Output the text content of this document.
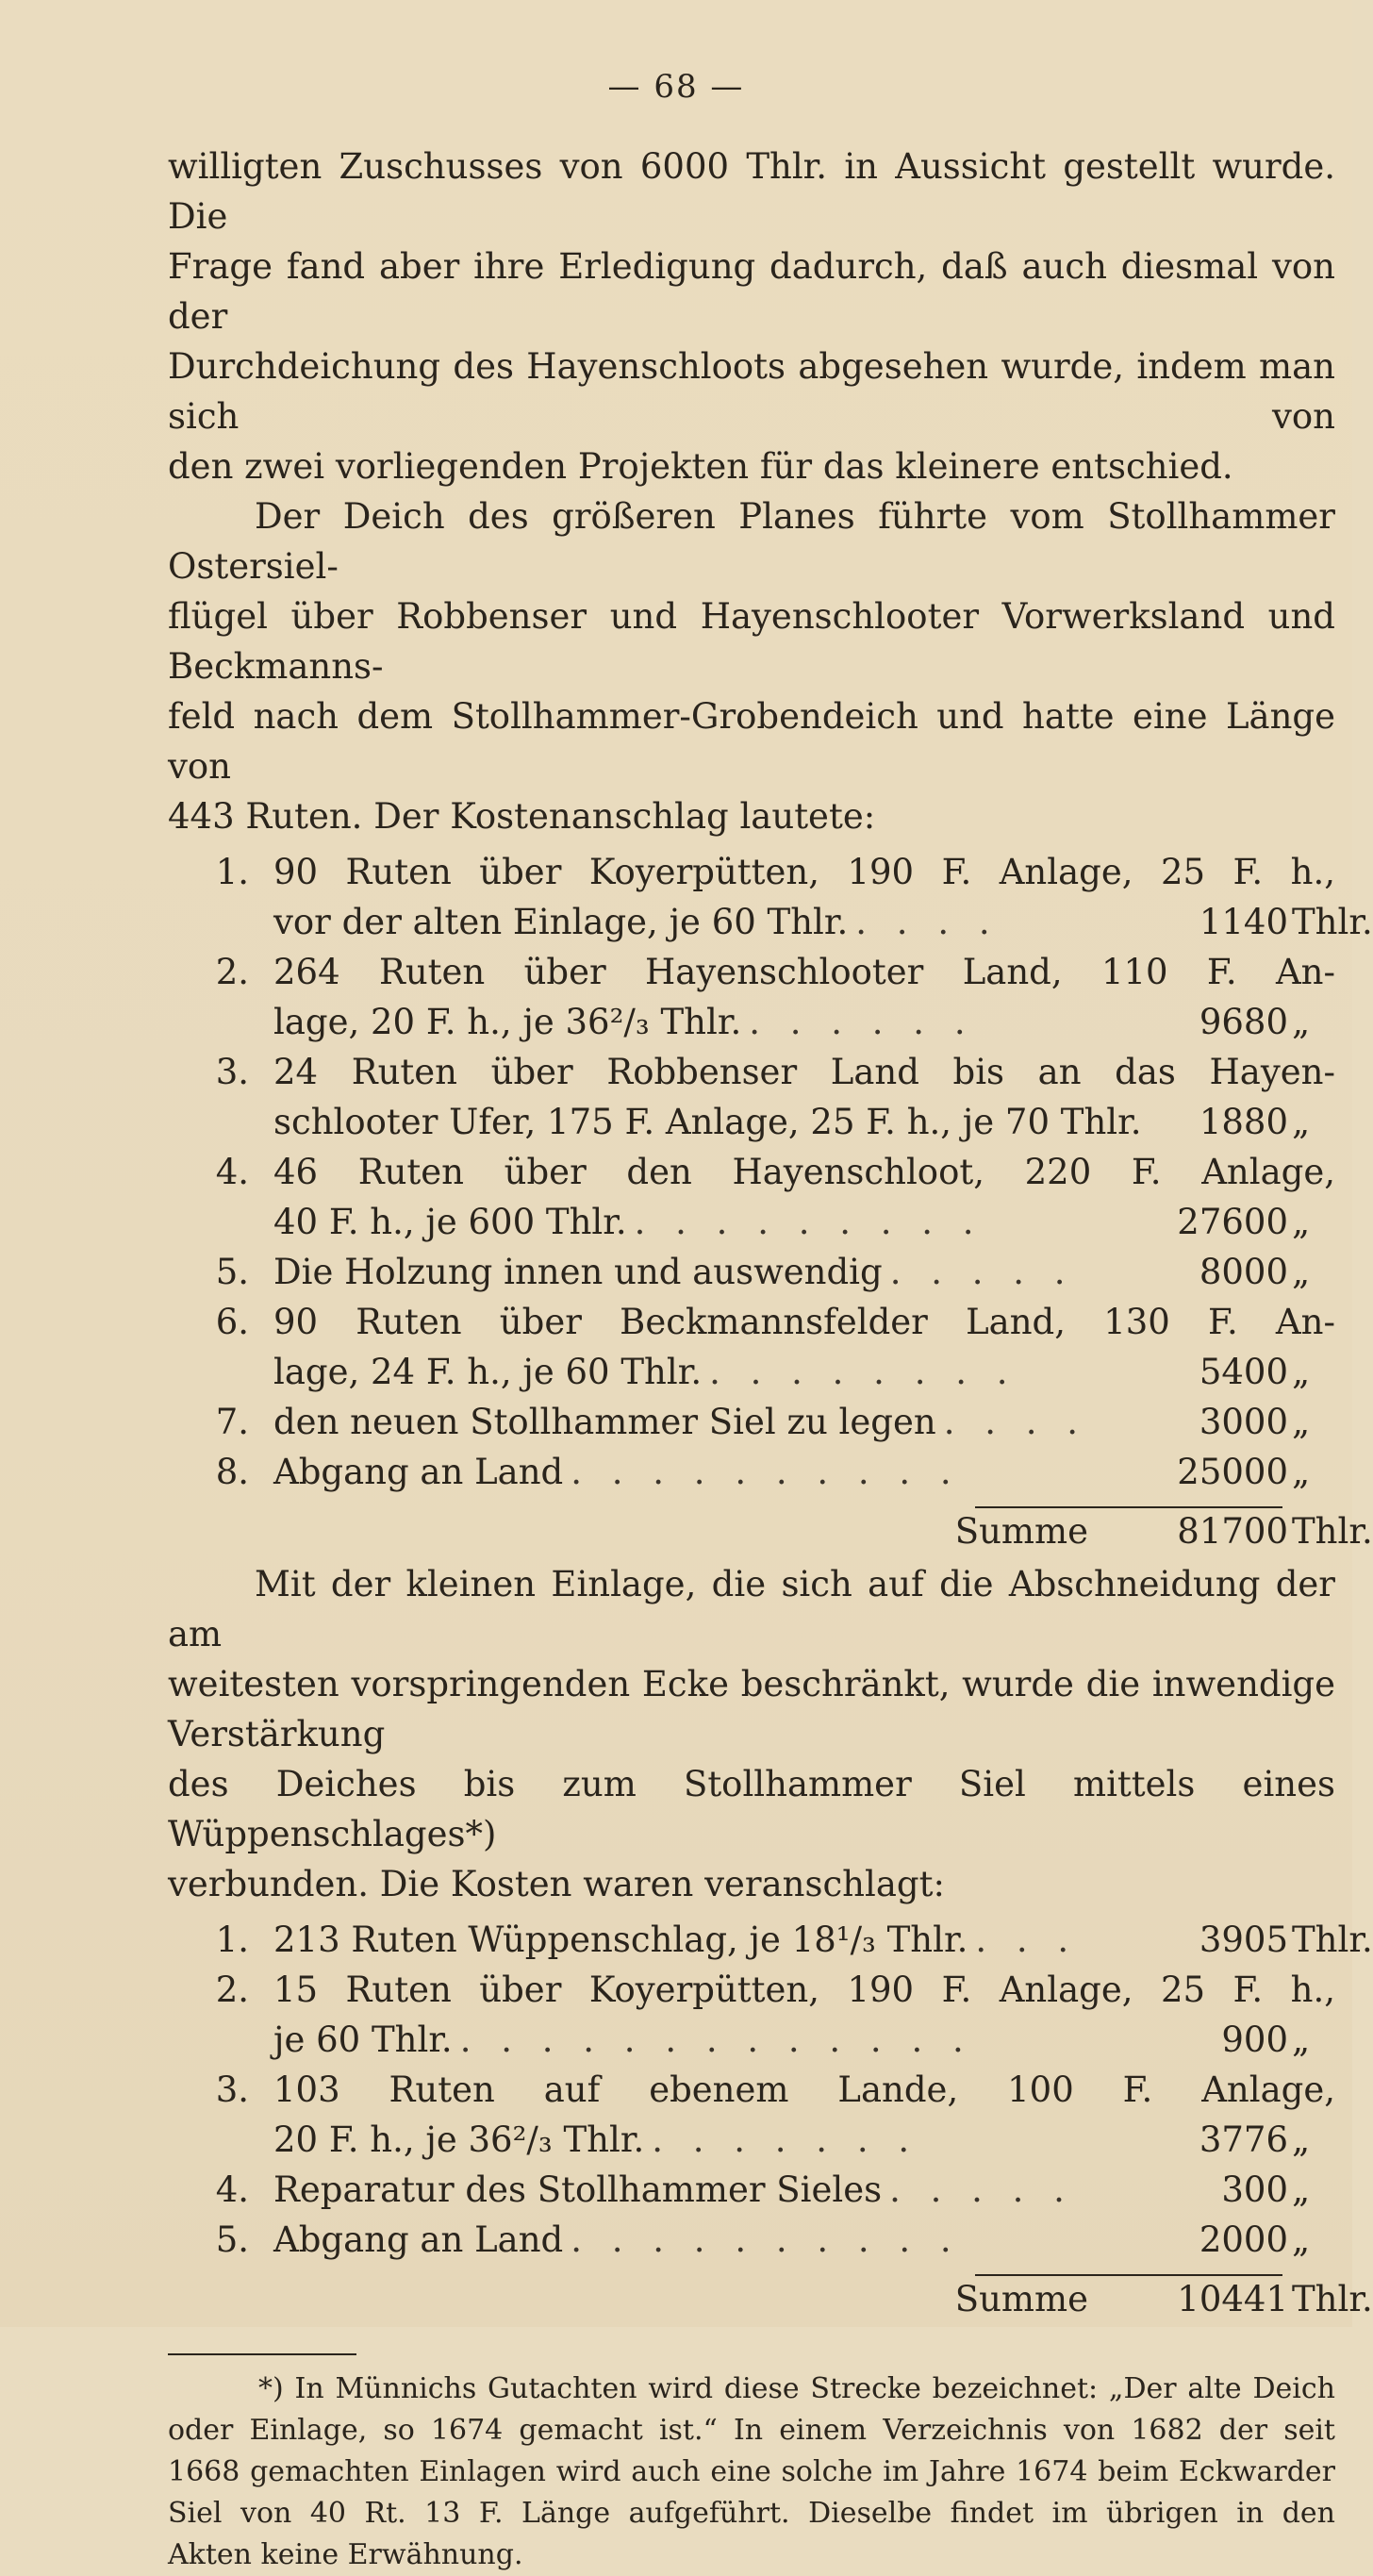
— 68 —

willigten Zuschusses von 6000 Thlr. in Aussicht gestellt wurde. Die

Frage fand aber ihre Erledigung dadurch, daß auch diesmal von der

Durchdeichung des Hayenschloots abgesehen wurde, indem man sich von

den zwei vorliegenden Projekten für das kleinere entschied.

Der Deich des größeren Planes führte vom Stollhammer Ostersiel-

flügel über Robbenser und Hayenschlooter Vorwerksland und Beckmanns-

feld nach dem Stollhammer-Grobendeich und hatte eine Länge von

443 Ruten. Der Kostenanschlag lautete:

1. 90 Ruten über Koyerpütten, 190 F. Anlage, 25 F. h.,
vor der alten Einlage, je 60 Thlr. . . . .	1140 Thlr.
2. 264 Ruten über Hayenschlooter Land, 110 F. An-
lage, 20 F. h., je 36²/₃ Thlr. . . . . . .	9680 „
3. 24 Ruten über Robbenser Land bis an das Hayen-
schlooter Ufer, 175 F. Anlage, 25 F. h., je 70 Thlr.	1880 „
4. 46 Ruten über den Hayenschloot, 220 F. Anlage,
40 F. h., je 600 Thlr. . . . . . . . . .	27600 „
5. Die Holzung innen und auswendig . . . . .	8000 „
6. 90 Ruten über Beckmannsfelder Land, 130 F. An-
lage, 24 F. h., je 60 Thlr. . . . . . . . .	5400 „
7. den neuen Stollhammer Siel zu legen . . . .	3000 „
8. Abgang an Land . . . . . . . . . .	25000 „
Summe	81700 Thlr.

Mit der kleinen Einlage, die sich auf die Abschneidung der am

weitesten vorspringenden Ecke beschränkt, wurde die inwendige Verstärkung

des Deiches bis zum Stollhammer Siel mittels eines Wüppenschlages*)

verbunden. Die Kosten waren veranschlagt:

1. 213 Ruten Wüppenschlag, je 18¹/₃ Thlr. . . .	3905 Thlr.
2. 15 Ruten über Koyerpütten, 190 F. Anlage, 25 F. h.,
je 60 Thlr. . . . . . . . . . . . . .	900 „
3. 103 Ruten auf ebenem Lande, 100 F. Anlage,
20 F. h., je 36²/₃ Thlr. . . . . . . .	3776 „
4. Reparatur des Stollhammer Sieles . . . . .	300 „
5. Abgang an Land . . . . . . . . . .	2000 „
Summe	10441 Thlr.

*) In Münnichs Gutachten wird diese Strecke bezeichnet: „Der alte Deich

oder Einlage, so 1674 gemacht ist.“ In einem Verzeichnis von 1682 der seit

1668 gemachten Einlagen wird auch eine solche im Jahre 1674 beim Eckwarder

Siel von 40 Rt. 13 F. Länge aufgeführt. Dieselbe findet im übrigen in den

Akten keine Erwähnung.
